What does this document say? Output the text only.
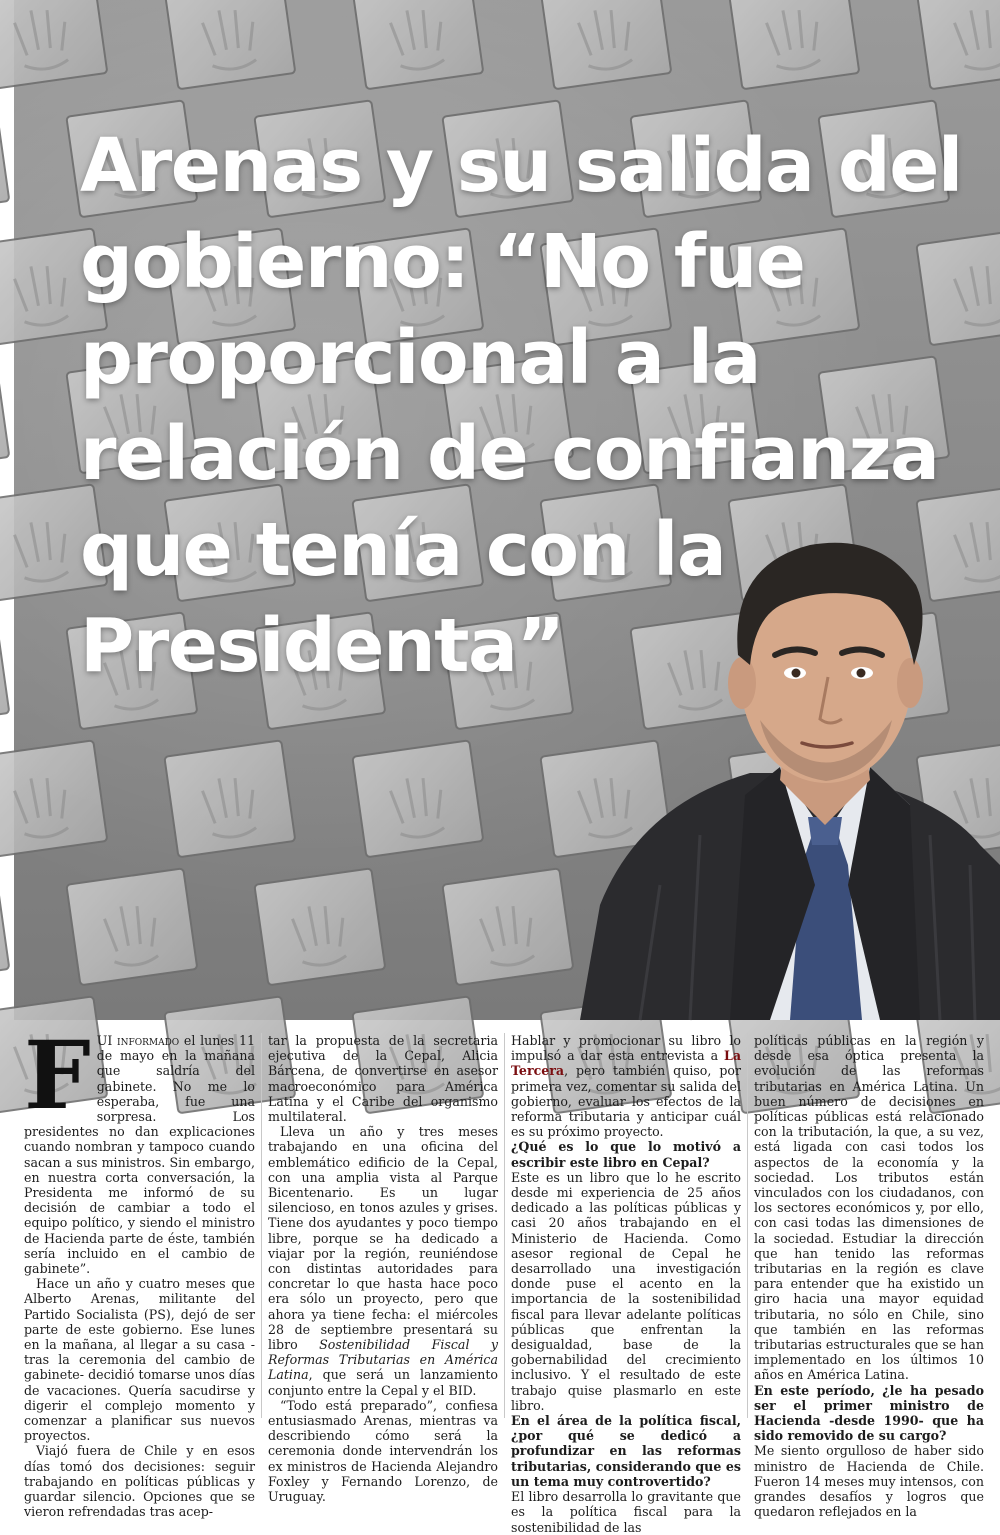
Arenas y su salida del
gobierno: “No fue
proporcional a la
relación de confianza
que tenía con la
Presidenta”

FUI informado el lunes 11 de mayo en la mañana que saldría del gabinete. No me lo esperaba, fue una sorpresa. Los presidentes no dan explicaciones cuando nombran y tampoco cuando sacan a sus ministros. Sin embargo, en nuestra corta conversación, la Presidenta me informó de su decisión de cambiar a todo el equipo político, y siendo el ministro de Hacienda parte de éste, también sería incluido en el cambio de gabinete”.

Hace un año y cuatro meses que Alberto Arenas, militante del Partido Socialista (PS), dejó de ser parte de este gobierno. Ese lunes en la mañana, al llegar a su casa -tras la ceremonia del cambio de gabinete- decidió tomarse unos días de vacaciones. Quería sacudirse y digerir el complejo momento y comenzar a planificar sus nuevos proyectos.

Viajó fuera de Chile y en esos días tomó dos decisiones: seguir trabajando en políticas públicas y guardar silencio. Opciones que se vieron refrendadas tras acep-

tar la propuesta de la secretaria ejecutiva de la Cepal, Alicia Bárcena, de convertirse en asesor macroeconómico para América Latina y el Caribe del organismo multilateral.

Lleva un año y tres meses trabajando en una oficina del emblemático edificio de la Cepal, con una amplia vista al Parque Bicentenario. Es un lugar silencioso, en tonos azules y grises. Tiene dos ayudantes y poco tiempo libre, porque se ha dedicado a viajar por la región, reuniéndose con distintas autoridades para concretar lo que hasta hace poco era sólo un proyecto, pero que ahora ya tiene fecha: el miércoles 28 de septiembre presentará su libro Sostenibilidad Fiscal y Reformas Tributarias en América Latina, que será un lanzamiento conjunto entre la Cepal y el BID.

“Todo está preparado”, confiesa entusiasmado Arenas, mientras va describiendo cómo será la ceremonia donde intervendrán los ex ministros de Hacienda Alejandro Foxley y Fernando Lorenzo, de Uruguay.

Hablar y promocionar su libro lo impulsó a dar esta entrevista a La Tercera, pero también quiso, por primera vez, comentar su salida del gobierno, evaluar los efectos de la reforma tributaria y anticipar cuál es su próximo proyecto.

¿Qué es lo que lo motivó a escribir este libro en Cepal?

Este es un libro que lo he escrito desde mi experiencia de 25 años dedicado a las políticas públicas y casi 20 años trabajando en el Ministerio de Hacienda. Como asesor regional de Cepal he desarrollado una investigación donde puse el acento en la importancia de la sostenibilidad fiscal para llevar adelante políticas públicas que enfrentan la desigualdad, base de la gobernabilidad del crecimiento inclusivo. Y el resultado de este trabajo quise plasmarlo en este libro.

En el área de la política fiscal, ¿por qué se dedicó a profundizar en las reformas tributarias, considerando que es un tema muy controvertido?

El libro desarrolla lo gravitante que es la política fiscal para la sostenibilidad de las

políticas públicas en la región y desde esa óptica presenta la evolución de las reformas tributarias en América Latina. Un buen número de decisiones en políticas públicas está relacionado con la tributación, la que, a su vez, está ligada con casi todos los aspectos de la economía y la sociedad. Los tributos están vinculados con los ciudadanos, con los sectores económicos y, por ello, con casi todas las dimensiones de la sociedad. Estudiar la dirección que han tenido las reformas tributarias en la región es clave para entender que ha existido un giro hacia una mayor equidad tributaria, no sólo en Chile, sino que también en las reformas tributarias estructurales que se han implementado en los últimos 10 años en América Latina.

En este período, ¿le ha pesado ser el primer ministro de Hacienda -desde 1990- que ha sido removido de su cargo?

Me siento orgulloso de haber sido ministro de Hacienda de Chile. Fueron 14 meses muy intensos, con grandes desafíos y logros que quedaron reflejados en la
